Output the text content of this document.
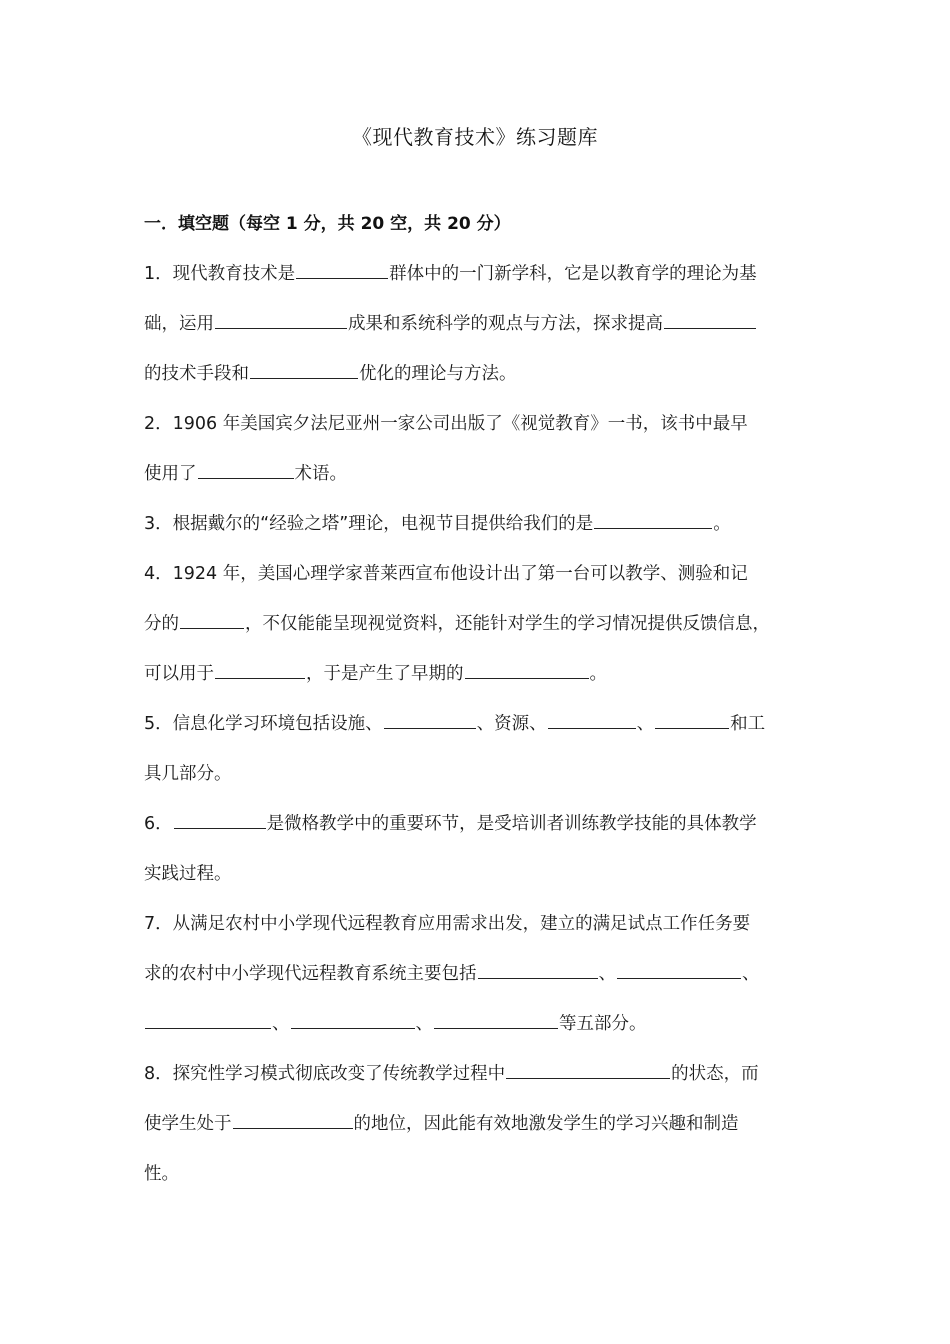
《现代教育技术》练习题库
一．填空题（每空 1 分，共 20 空，共 20 分）
1．现代教育技术是	群体中的一门新学科，它是以教育学的理论为基
础，运用	成果和系统科学的观点与方法，探求提高
的技术手段和	优化的理论与方法。
2．1906 年美国宾夕法尼亚州一家公司出版了《视觉教育》一书，该书中最早
使用了	术语。
3．根据戴尔的“经验之塔”理论，电视节目提供给我们的是	。
4．1924 年，美国心理学家普莱西宣布他设计出了第一台可以教学、测验和记
分的	，不仅能能呈现视觉资料，还能针对学生的学习情况提供反馈信息，
可以用于	，于是产生了早期的	。
5．信息化学习环境包括设施、	、资源、	、	和工
具几部分。
6．	是微格教学中的重要环节，是受培训者训练教学技能的具体教学
实践过程。
7．从满足农村中小学现代远程教育应用需求出发，建立的满足试点工作任务要
求的农村中小学现代远程教育系统主要包括	、	、
、	、	等五部分。
8．探究性学习模式彻底改变了传统教学过程中	的状态，而
使学生处于	的地位，因此能有效地激发学生的学习兴趣和制造
性。
